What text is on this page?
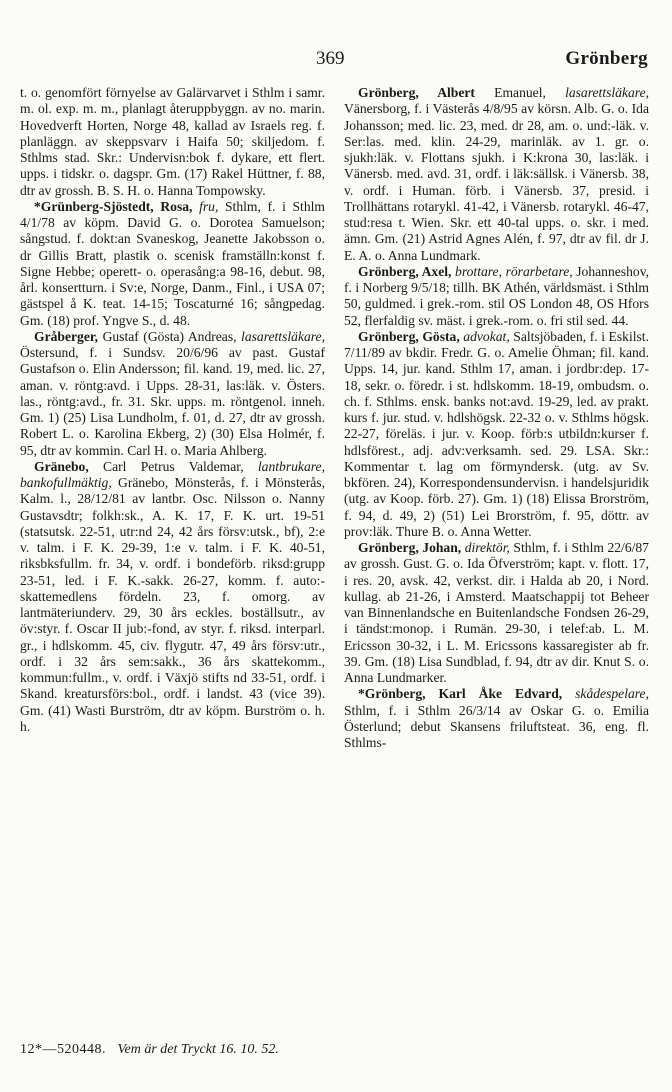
369	Grönberg

t. o. genomfört förnyelse av Galärvarvet i Sthlm i samr. m. ol. exp. m. m., planlagt återuppbyggn. av no. marin. Hovedverft Horten, Norge 48, kallad av Israels reg. f. planläggn. av skeppsvarv i Haifa 50; skiljedom. f. Sthlms stad. Skr.: Undervisn:bok f. dykare, ett flert. upps. i tidskr. o. dagspr. Gm. (17) Rakel Hüttner, f. 88, dtr av grossh. B. S. H. o. Hanna Tompowsky.

*Grünberg-Sjöstedt, Rosa, fru, Sthlm, f. i Sthlm 4/1/78 av köpm. David G. o. Dorotea Samuelson; sångstud. f. dokt:an Svaneskog, Jeanette Jakobsson o. dr Gillis Bratt, plastik o. scenisk framställn:konst f. Signe Hebbe; operett- o. operasång:a 98-16, debut. 98, årl. konsertturn. i Sv:e, Norge, Danm., Finl., i USA 07; gästspel å K. teat. 14-15; Toscaturné 16; sångpedag. Gm. (18) prof. Yngve S., d. 48.

Gråberger, Gustaf (Gösta) Andreas, lasarettsläkare, Östersund, f. i Sundsv. 20/6/96 av past. Gustaf Gustafson o. Elin Andersson; fil. kand. 19, med. lic. 27, aman. v. röntg:avd. i Upps. 28-31, las:läk. v. Östers. las., röntg:avd., fr. 31. Skr. upps. m. röntgenol. inneh. Gm. 1) (25) Lisa Lundholm, f. 01, d. 27, dtr av grossh. Robert L. o. Karolina Ekberg, 2) (30) Elsa Holmér, f. 95, dtr av kommin. Carl H. o. Maria Ahlberg.

Gränebo, Carl Petrus Valdemar, lantbrukare, bankofullmäktig, Gränebo, Mönsterås, f. i Mönsterås, Kalm. l., 28/12/81 av lantbr. Osc. Nilsson o. Nanny Gustavsdtr; folkh:sk., A. K. 17, F. K. urt. 19-51 (statsutsk. 22-51, utr:nd 24, 42 års försv:utsk., bf), 2:e v. talm. i F. K. 29-39, 1:e v. talm. i F. K. 40-51, riksbksfullm. fr. 34, v. ordf. i bondeförb. riksd:grupp 23-51, led. i F. K.-sakk. 26-27, komm. f. auto:-skattemedlens fördeln. 23, f. omorg. av lantmäteriunderv. 29, 30 års eckles. boställsutr., av öv:styr. f. Oscar II jub:-fond, av styr. f. riksd. interparl. gr., i hdlskomm. 45, civ. flygutr. 47, 49 års försv:utr., ordf. i 32 års sem:sakk., 36 års skattekomm., kommun:fullm., v. ordf. i Växjö stifts nd 33-51, ordf. i Skand. kreatursförs:bol., ordf. i landst. 43 (vice 39). Gm. (41) Wasti Burström, dtr av köpm. Burström o. h. h.

Grönberg, Albert Emanuel, lasarettsläkare, Vänersborg, f. i Västerås 4/8/95 av körsn. Alb. G. o. Ida Johansson; med. lic. 23, med. dr 28, am. o. und:-läk. v. Ser:las. med. klin. 24-29, marinläk. av 1. gr. o. sjukh:läk. v. Flottans sjukh. i K:krona 30, las:läk. i Vänersb. med. avd. 31, ordf. i läk:sällsk. i Vänersb. 38, v. ordf. i Human. förb. i Vänersb. 37, presid. i Trollhättans rotarykl. 41-42, i Vänersb. rotarykl. 46-47, stud:resa t. Wien. Skr. ett 40-tal upps. o. skr. i med. ämn. Gm. (21) Astrid Agnes Alén, f. 97, dtr av fil. dr J. E. A. o. Anna Lundmark.

Grönberg, Axel, brottare, rörarbetare, Johanneshov, f. i Norberg 9/5/18; tillh. BK Athén, världsmäst. i Sthlm 50, guldmed. i grek.-rom. stil OS London 48, OS Hfors 52, flerfaldig sv. mäst. i grek.-rom. o. fri stil sed. 44.

Grönberg, Gösta, advokat, Saltsjöbaden, f. i Eskilst. 7/11/89 av bkdir. Fredr. G. o. Amelie Öhman; fil. kand. Upps. 14, jur. kand. Sthlm 17, aman. i jordbr:dep. 17-18, sekr. o. föredr. i st. hdlskomm. 18-19, ombudsm. o. ch. f. Sthlms. ensk. banks not:avd. 19-29, led. av prakt. kurs f. jur. stud. v. hdlshögsk. 22-32 o. v. Sthlms högsk. 22-27, föreläs. i jur. v. Koop. förb:s utbildn:kurser f. hdlsförest., adj. adv:verksamh. sed. 29. LSA. Skr.: Kommentar t. lag om förmyndersk. (utg. av Sv. bkfören. 24), Korrespondensundervisn. i handelsjuridik (utg. av Koop. förb. 27). Gm. 1) (18) Elissa Brorström, f. 94, d. 49, 2) (51) Lei Brorström, f. 95, döttr. av prov:läk. Thure B. o. Anna Wetter.

Grönberg, Johan, direktör, Sthlm, f. i Sthlm 22/6/87 av grossh. Gust. G. o. Ida Öfverström; kapt. v. flott. 17, i res. 20, avsk. 42, verkst. dir. i Halda ab 20, i Nord. kullag. ab 21-26, i Amsterd. Maatschappij tot Beheer van Binnenlandsche en Buitenlandsche Fondsen 26-29, i tändst:monop. i Rumän. 29-30, i telef:ab. L. M. Ericsson 30-32, i L. M. Ericssons kassaregister ab fr. 39. Gm. (18) Lisa Sundblad, f. 94, dtr av dir. Knut S. o. Anna Lundmarker.

*Grönberg, Karl Åke Edvard, skådespelare, Sthlm, f. i Sthlm 26/3/14 av Oskar G. o. Emilia Österlund; debut Skansens friluftsteat. 36, eng. fl. Sthlms-

12*—520448. Vem är det Tryckt 16. 10. 52.
